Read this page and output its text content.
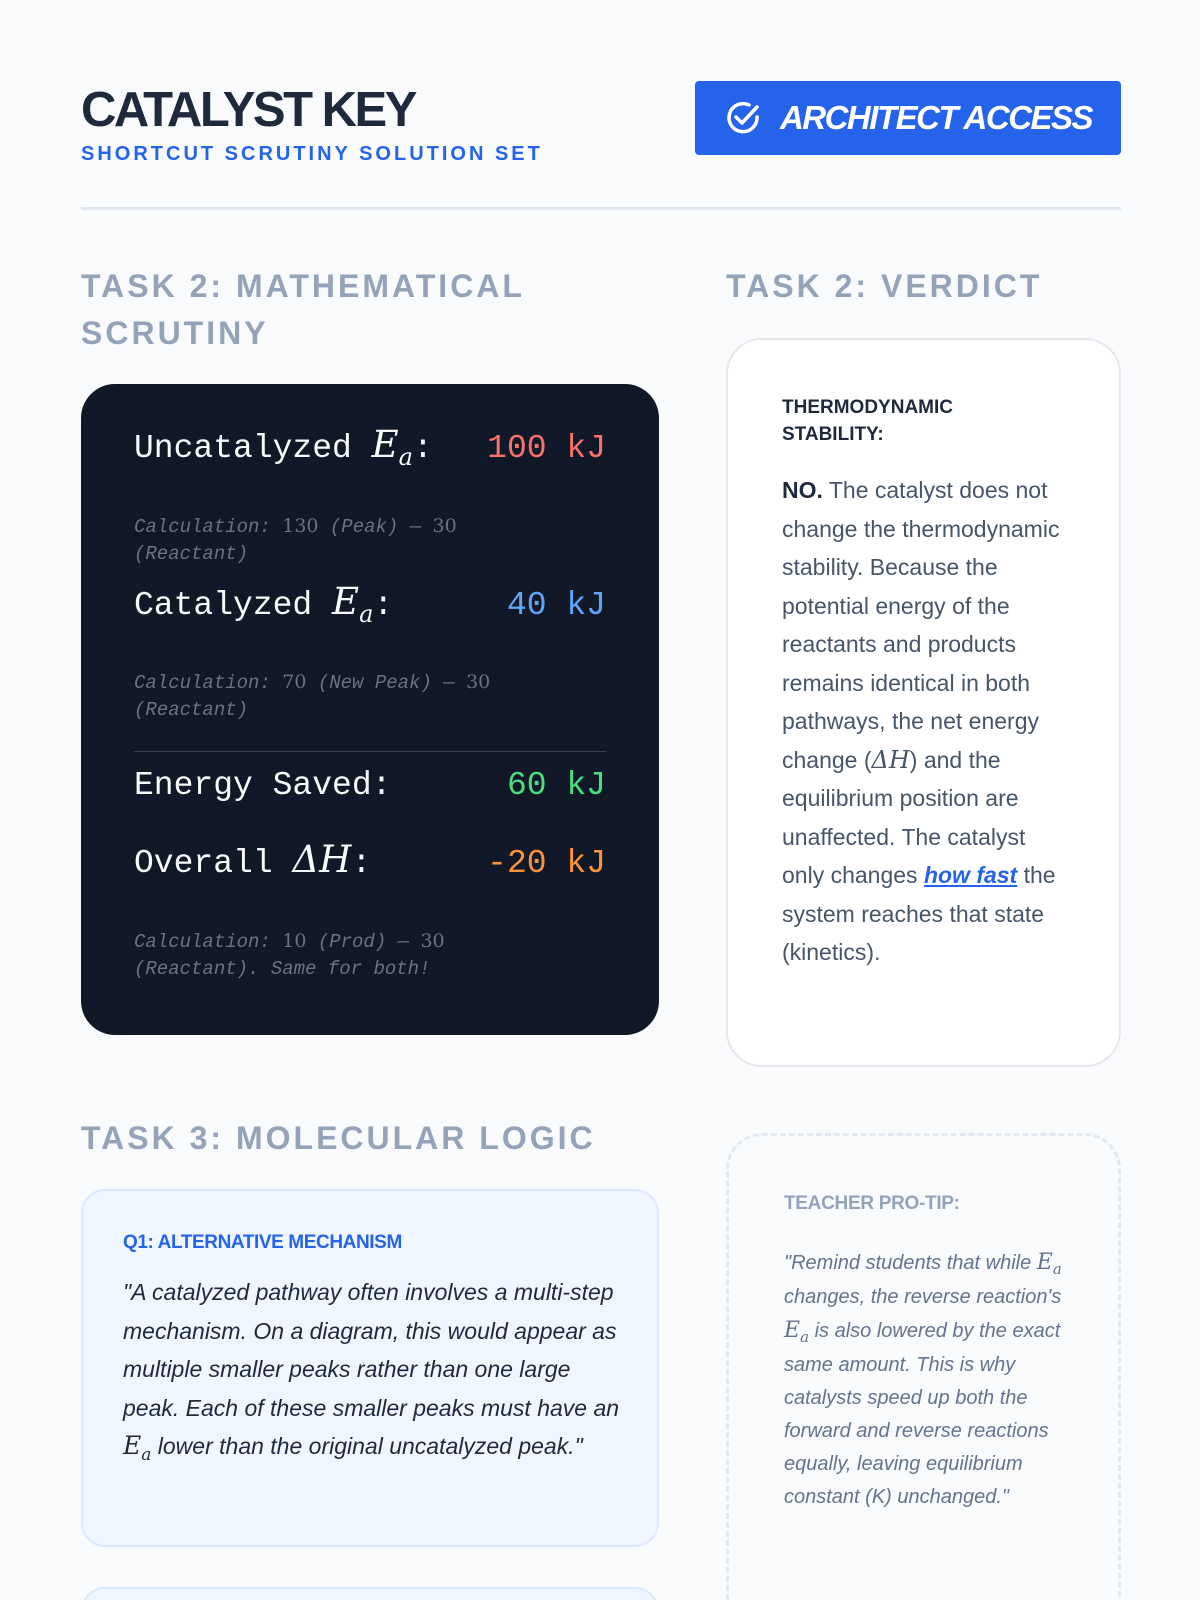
CATALYST KEY
SHORTCUT SCRUTINY SOLUTION SET
ARCHITECT ACCESS
TASK 2: MATHEMATICAL
SCRUTINY
Uncatalyzed $E_a$: 100 kJ
Calculation: 130 (Peak) — 30
(Reactant)
Catalyzed $E_a$:	40 kJ
Calculation: 70 (New Peak) — 30
(Reactant)
Energy Saved:	60 kJ
Overall ΔH:	-20 kJ
Calculation: 10 (Prod) — 30
(Reactant). Same for both!
TASK 2: VERDICT
THERMODYNAMIC STABILITY:
NO. The catalyst does not change the thermodynamic stability. Because the potential energy of the reactants and products remains identical in both pathways, the net energy change (ΔH) and the equilibrium position are unaffected. The catalyst only changes how fast the system reaches that state (kinetics).
TASK 3: MOLECULAR LOGIC
Q1: ALTERNATIVE MECHANISM
"A catalyzed pathway often involves a multi-step mechanism. On a diagram, this would appear as multiple smaller peaks rather than one large peak. Each of these smaller peaks must have an $E_a$ lower than the original uncatalyzed peak."
TEACHER PRO-TIP:
"Remind students that while $E_a$ changes, the reverse reaction's $E_a$ is also lowered by the exact same amount. This is why catalysts speed up both the forward and reverse reactions equally, leaving equilibrium constant (K) unchanged."
